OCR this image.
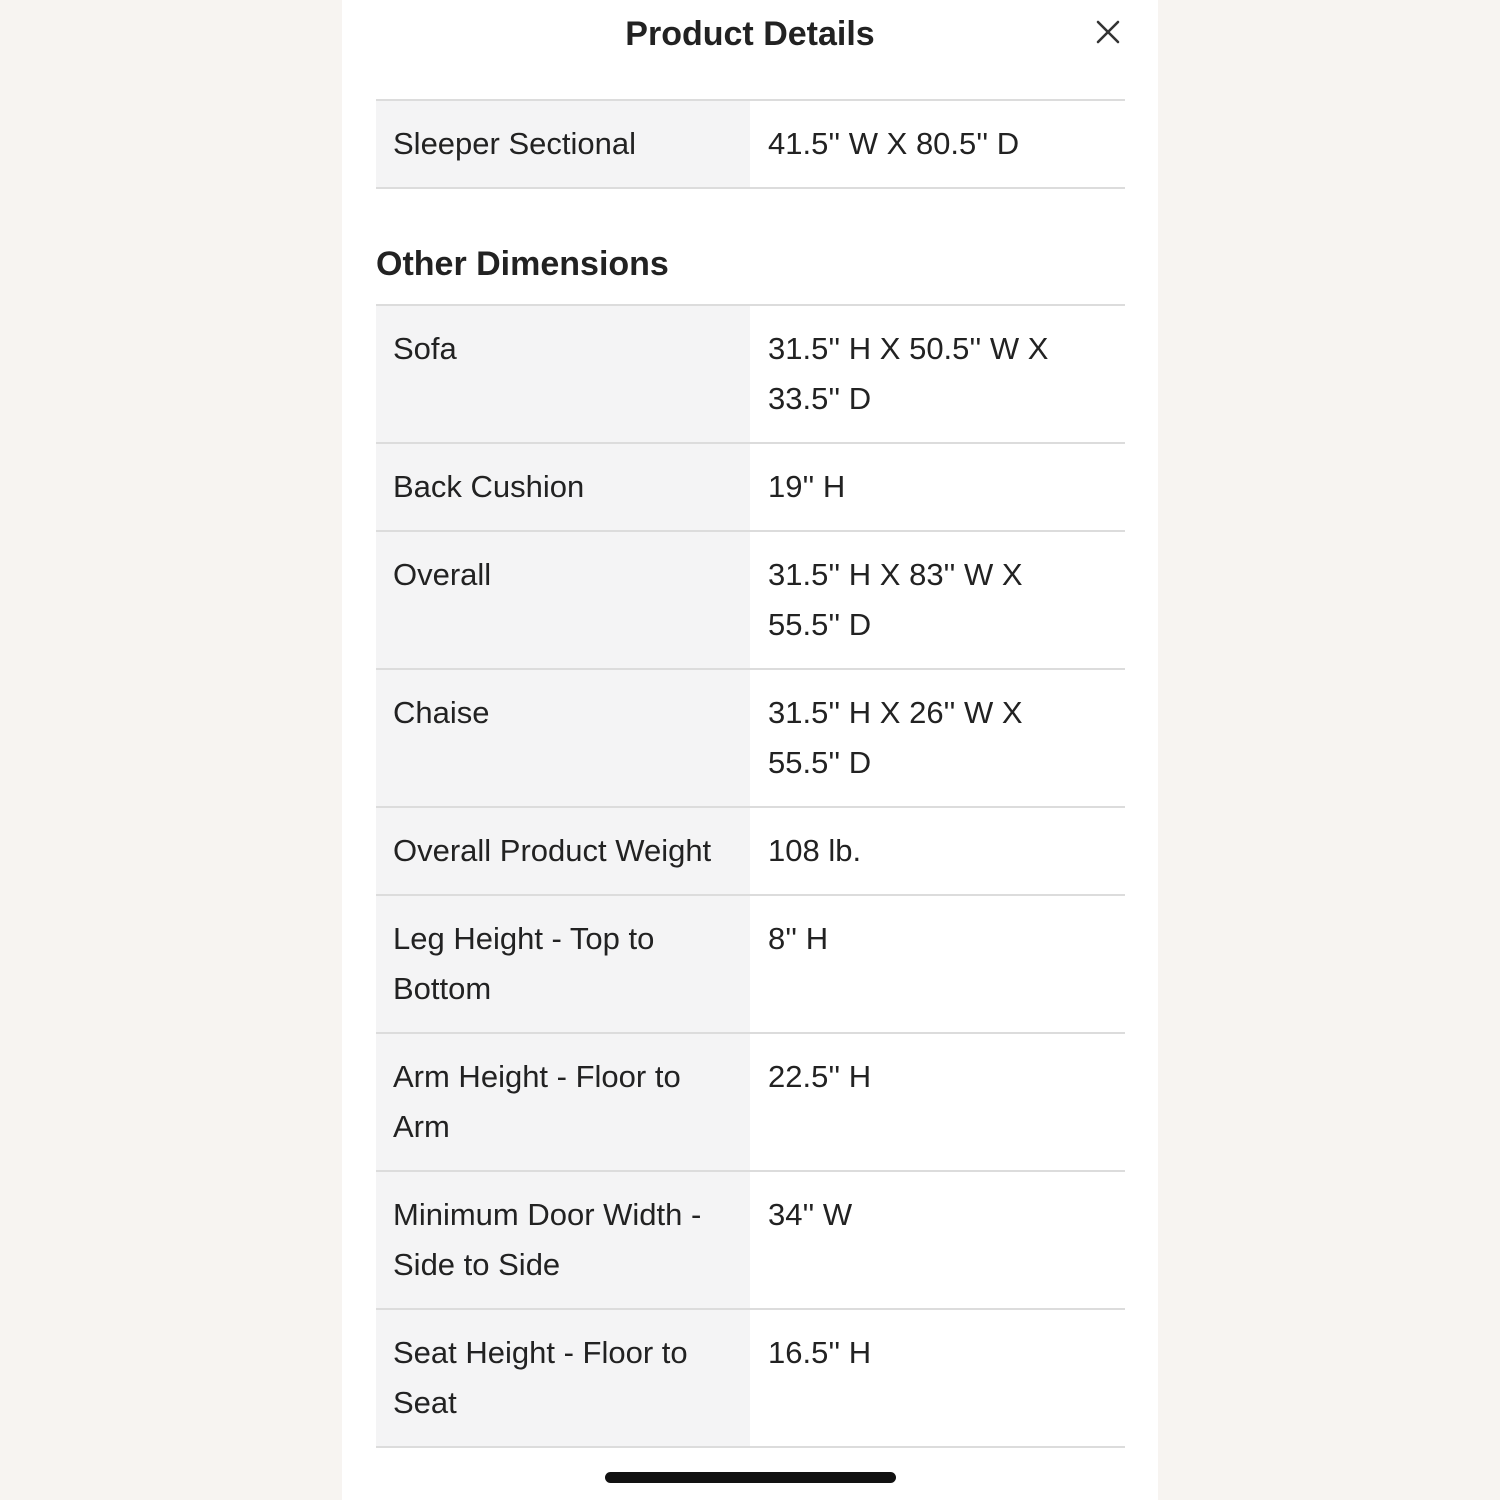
Product Details
Sleeper Sectional	41.5'' W X 80.5'' D
Other Dimensions
Sofa	31.5'' H X 50.5'' W X 33.5'' D
Back Cushion	19'' H
Overall	31.5'' H X 83'' W X 55.5'' D
Chaise	31.5'' H X 26'' W X 55.5'' D
Overall Product Weight	108 lb.
Leg Height - Top to Bottom	8'' H
Arm Height - Floor to Arm	22.5'' H
Minimum Door Width - Side to Side	34'' W
Seat Height - Floor to Seat	16.5'' H
